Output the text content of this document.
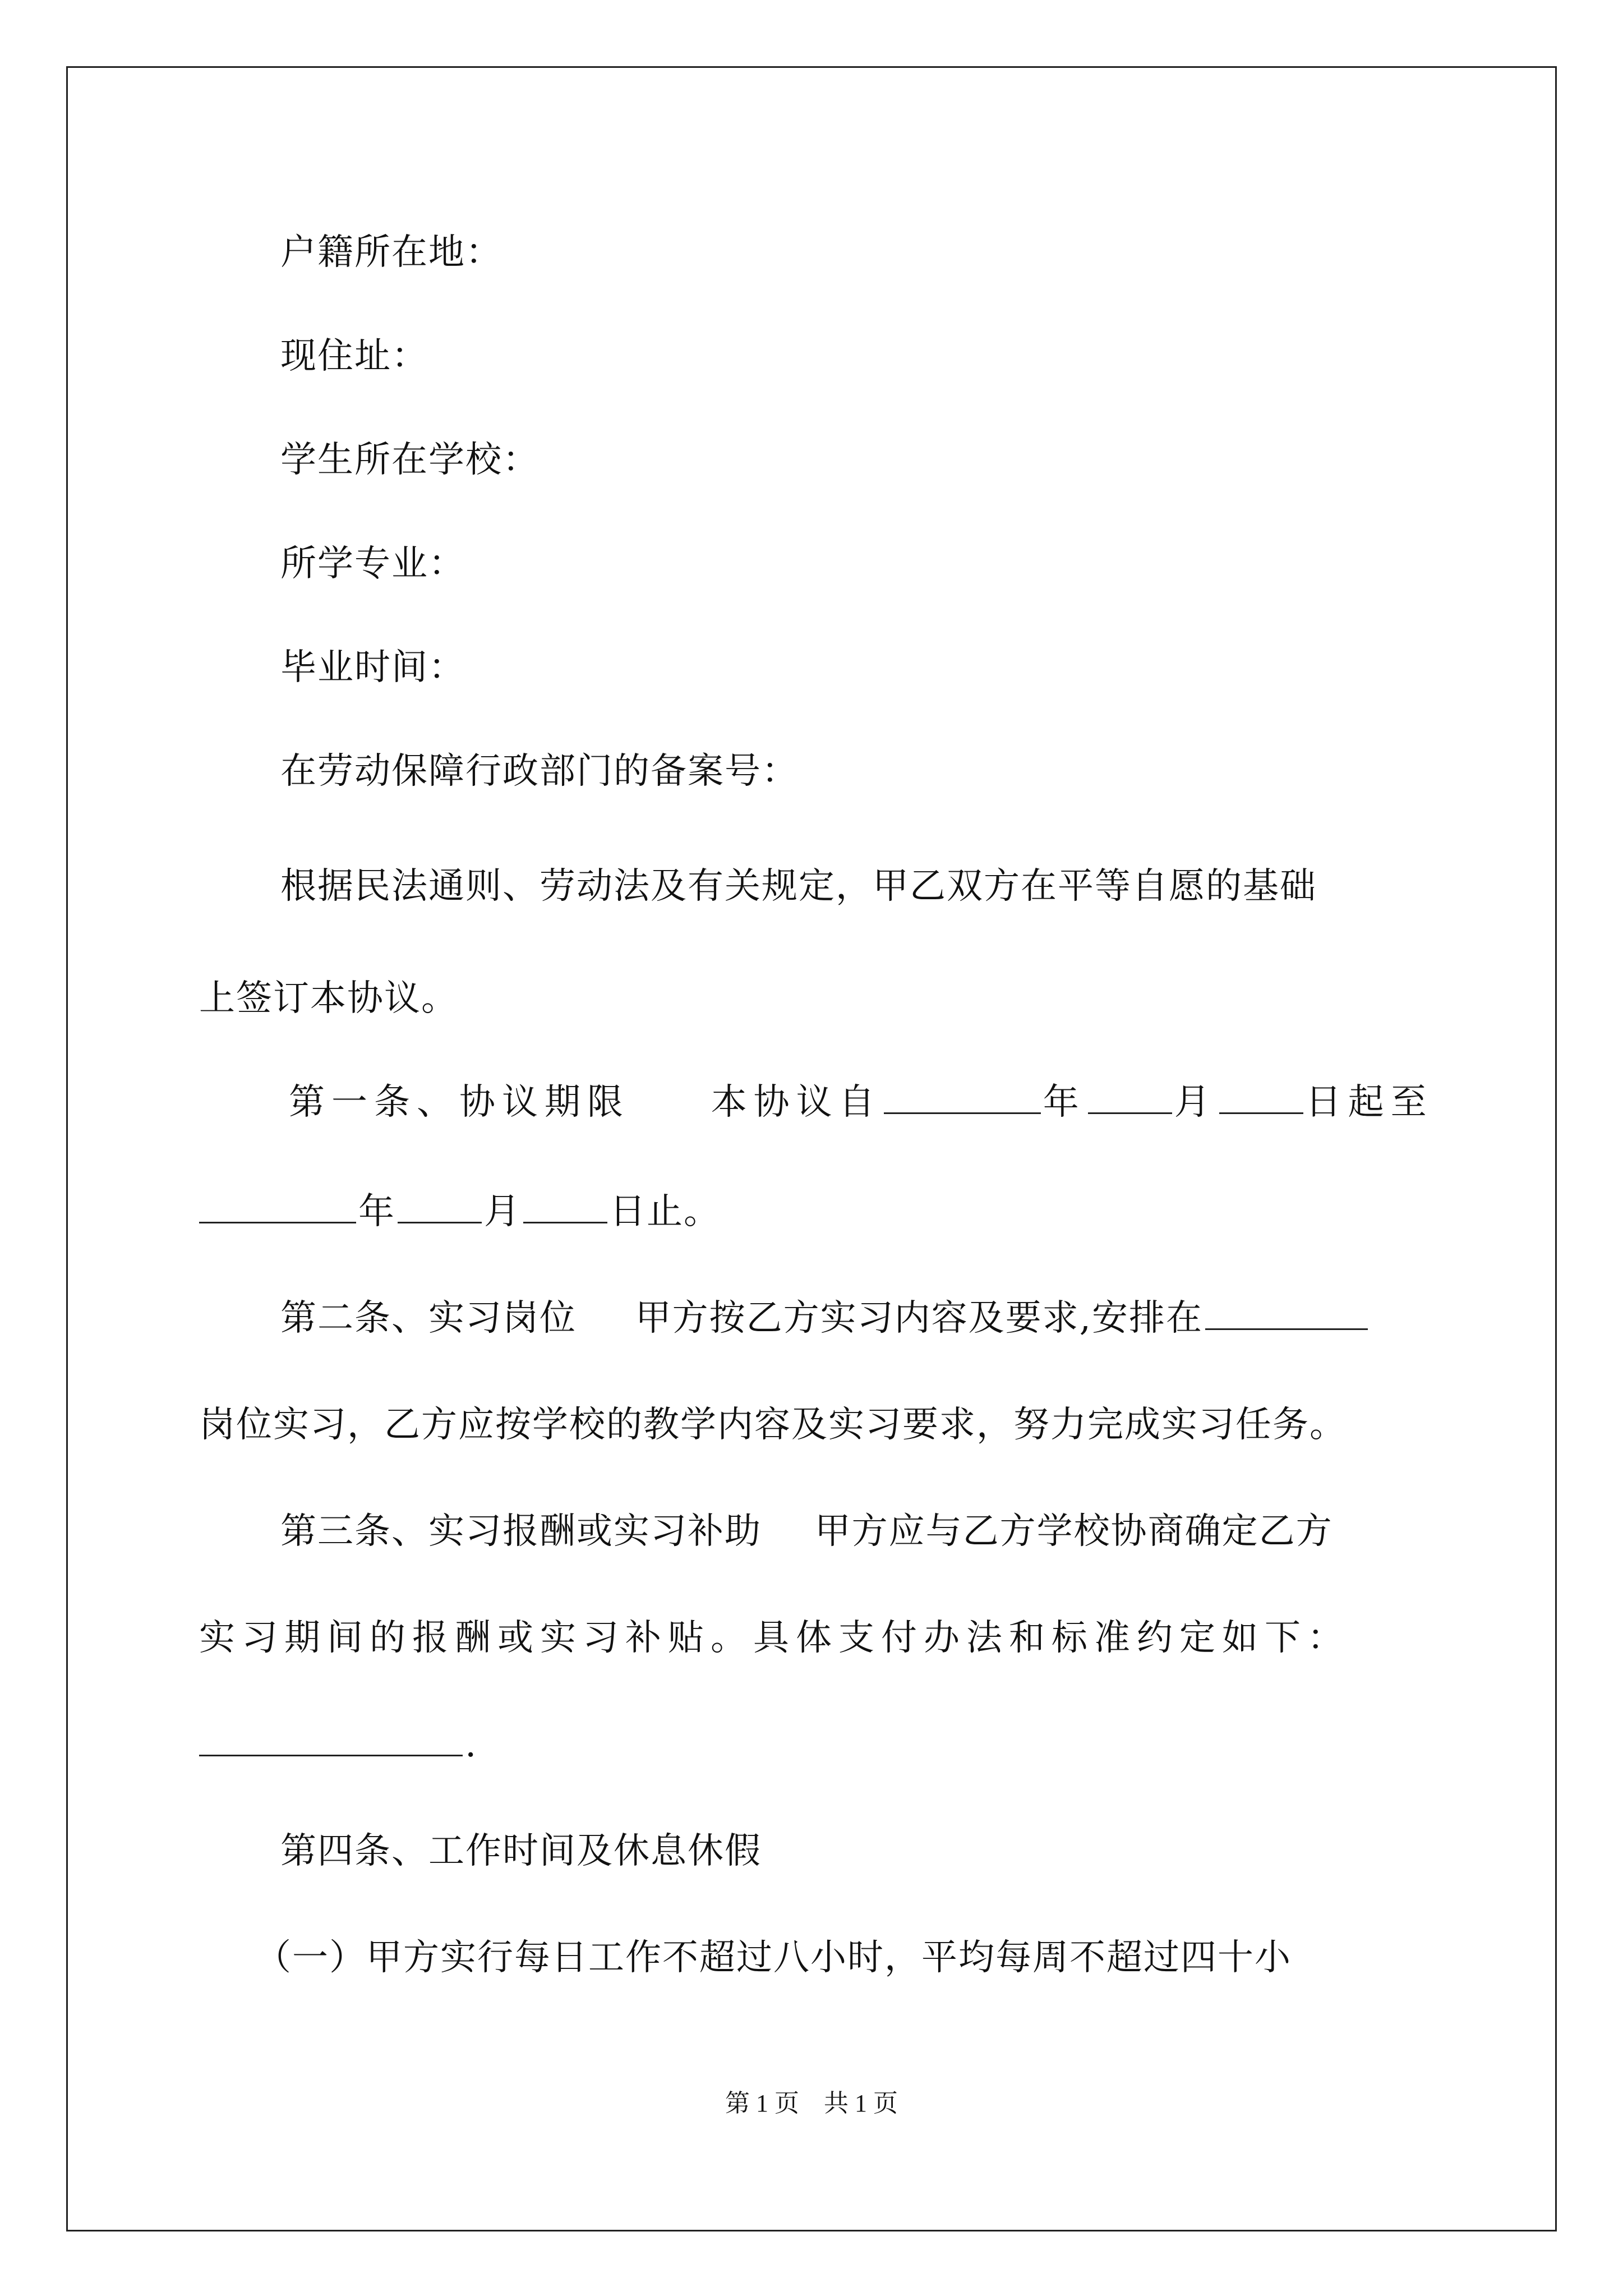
户籍所在地：
现住址：
学生所在学校：
所学专业：
毕业时间：
在劳动保障行政部门的备案号：
根据民法通则、劳动法及有关规定，甲乙双方在平等自愿的基础
上签订本协议。
第一条、协议期限 本协议自	年 月 日起至
年 月 日止。
第二条、实习岗位 甲方按乙方实习内容及要求,安排在
岗位实习，乙方应按学校的教学内容及实习要求，努力完成实习任务。
第三条、实习报酬或实习补助 甲方应与乙方学校协商确定乙方
实习期间的报酬或实习补贴。具体支付办法和标准约定如下：
.
第四条、工作时间及休息休假
（一）甲方实行每日工作不超过八小时，平均每周不超过四十小
第 1 页　共 1 页
